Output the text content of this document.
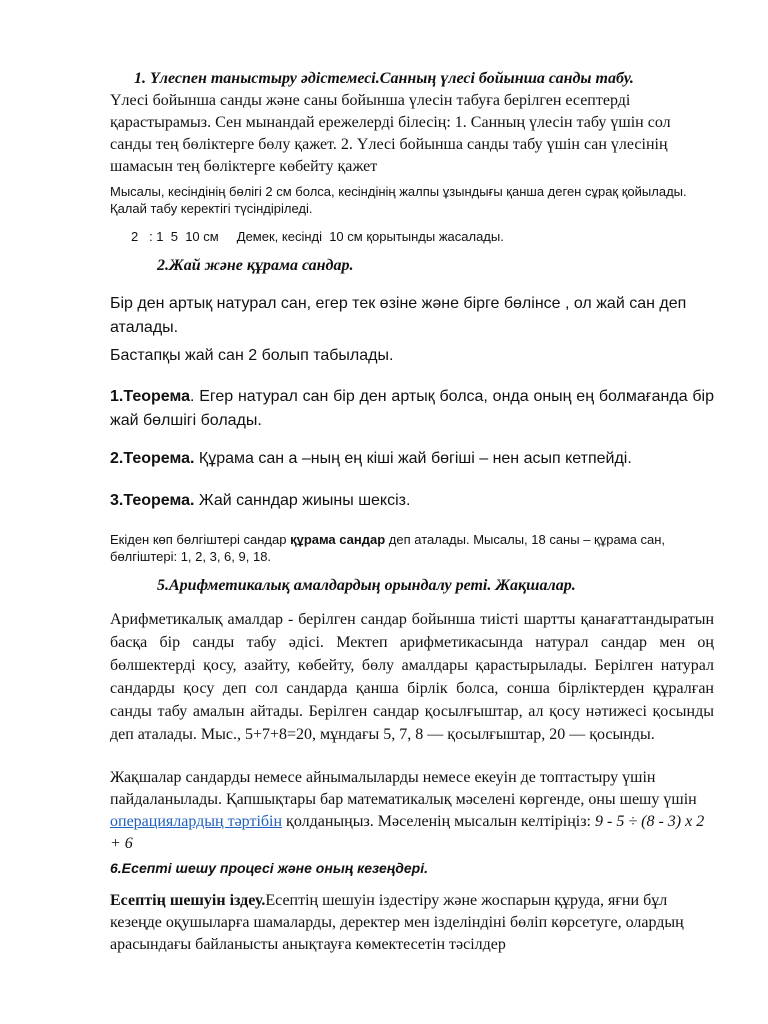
1. Үлеспен таныстыру әдістемесі.Санның үлесі бойынша санды табу.
Үлесі бойынша санды және саны бойынша үлесін табуға берілген есептерді қарастырамыз. Сен мынандай ережелерді білесің: 1. Санның үлесін табу үшін сол санды тең бөліктерге бөлу қажет. 2. Үлесі бойынша санды табу үшін сан үлесінің шамасын тең бөліктерге көбейту қажет
Мысалы, кесіндінің бөлігі 2 см болса, кесіндінің жалпы ұзындығы қанша деген сұрақ қойылады. Қалай табу керектігі түсіндіріледі.
2   : 1  5  10 см     Демек, кесінді  10 см қорытынды жасалады.
2.Жай және құрама сандар.
Бір ден артық натурал сан, егер тек өзіне және бірге бөлінсе , ол жай сан деп аталады.
Бастапқы жай сан 2 болып табылады.
1.Теорема. Егер натурал сан бір ден артық болса, онда оның ең болмағанда бір жай бөлшігі болады.
2.Теорема. Құрама сан а –ның ең кіші жай бөгіші – нен асып кетпейді.
3.Теорема. Жай санндар жиыны шексіз.
Екіден көп бөлгіштері сандар құрама сандар деп аталады. Мысалы, 18 саны – құрама сан, бөлгіштері: 1, 2, 3, 6, 9, 18.
5.Арифметикалық амалдардың орындалу реті. Жақшалар.
Арифметикалық амалдар - берілген сандар бойынша тиісті шартты қанағаттандыратын басқа бір санды табу әдісі. Мектеп арифметикасында натурал сандар мен оң бөлшектерді қосу, азайту, көбейту, бөлу амалдары қарастырылады. Берілген натурал сандарды қосу деп сол сандарда қанша бірлік болса, сонша бірліктерден құралған санды табу амалын айтады. Берілген сандар қосылғыштар, ал қосу нәтижесі қосынды деп аталады. Мыс., 5+7+8=20, мұндағы 5, 7, 8 — қосылғыштар, 20 — қосынды.
Жақшалар сандарды немесе айнымалыларды немесе екеуін де топтастыру үшін пайдаланылады. Қапшықтары бар математикалық мәселені көргенде, оны шешу үшін операциялардың тәртібін қолданыңыз. Мәселенің мысалын келтіріңіз: 9 - 5 ÷ (8 - 3) x 2 + 6
6.Есепті шешу процесі және оның кезеңдері.
Есептің шешуін іздеу.Есептің шешуін іздестіру және жоспарын құруда, яғни бұл кезеңде оқушыларға шамаларды, деректер мен ізделіндіні бөліп көрсетуге, олардың арасындағы байланысты анықтауға көмектесетін тәсілдер
